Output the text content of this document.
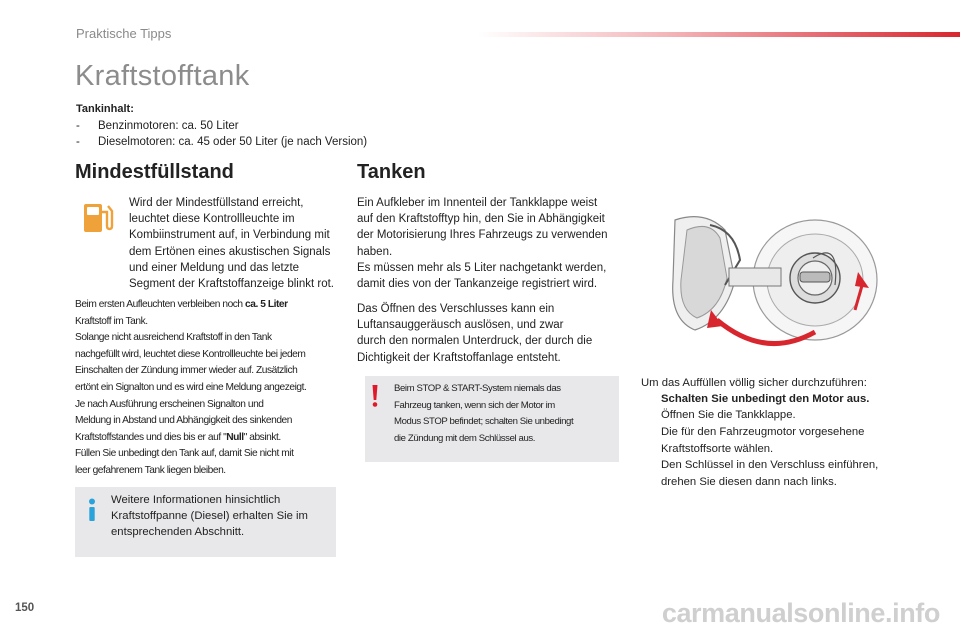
Praktische Tipps
Kraftstofftank
Tankinhalt:
- Benzinmotoren: ca. 50 Liter
- Dieselmotoren: ca. 45 oder 50 Liter (je nach Version)
Mindestfüllstand
Wird der Mindestfüllstand erreicht,
leuchtet diese Kontrollleuchte im
Kombiinstrument auf, in Verbindung mit
dem Ertönen eines akustischen Signals
und einer Meldung und das letzte
Segment der Kraftstoffanzeige blinkt rot.
Beim ersten Aufleuchten verbleiben noch ca. 5 Liter
Kraftstoff im Tank.
Solange nicht ausreichend Kraftstoff in den Tank
nachgefüllt wird, leuchtet diese Kontrollleuchte bei jedem
Einschalten der Zündung immer wieder auf. Zusätzlich
ertönt ein Signalton und es wird eine Meldung angezeigt.
Je nach Ausführung erscheinen Signalton und
Meldung in Abstand und Abhängigkeit des sinkenden
Kraftstoffstandes und dies bis er auf "Null" absinkt.
Füllen Sie unbedingt den Tank auf, damit Sie nicht mit
leer gefahrenem Tank liegen bleiben.
Weitere Informationen hinsichtlich
Kraftstoffpanne (Diesel) erhalten Sie im
entsprechenden Abschnitt.
Tanken
Ein Aufkleber im Innenteil der Tankklappe weist
auf den Kraftstofftyp hin, den Sie in Abhängigkeit
der Motorisierung Ihres Fahrzeugs zu verwenden
haben.
Es müssen mehr als 5 Liter nachgetankt werden,
damit dies von der Tankanzeige registriert wird.
Das Öffnen des Verschlusses kann ein
Luftansauggeräusch auslösen, und zwar
durch den normalen Unterdruck, der durch die
Dichtigkeit der Kraftstoffanlage entsteht.
Beim STOP & START-System niemals das
Fahrzeug tanken, wenn sich der Motor im
Modus STOP befindet; schalten Sie unbedingt
die Zündung mit dem Schlüssel aus.
Um das Auffüllen völlig sicher durchzuführen:
Schalten Sie unbedingt den Motor aus.
Öffnen Sie die Tankklappe.
Die für den Fahrzeugmotor vorgesehene
Kraftstoffsorte wählen.
Den Schlüssel in den Verschluss einführen,
drehen Sie diesen dann nach links.
150	carmanualsonline.info
